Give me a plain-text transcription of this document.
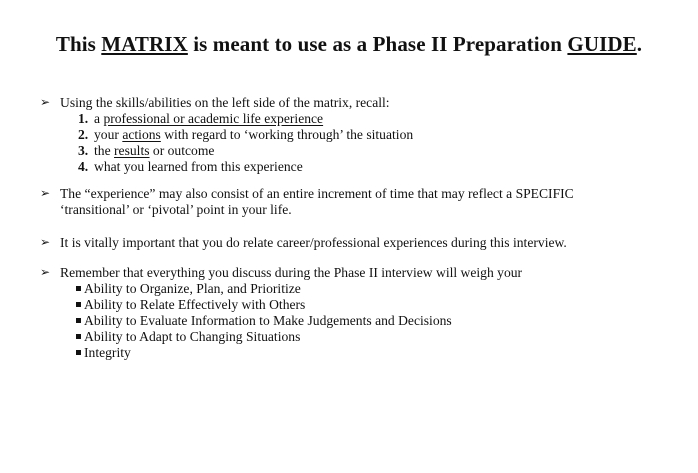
This MATRIX is meant to use as a Phase II Preparation GUIDE.
➢ Using the skills/abilities on the left side of the matrix, recall:
1. a professional or academic life experience
2. your actions with regard to ‘working through’ the situation
3. the results or outcome
4. what you learned from this experience
➢ The “experience” may also consist of an entire increment of time that may reflect a SPECIFIC
‘transitional’ or ‘pivotal’ point in your life.
➢ It is vitally important that you do relate career/professional experiences during this interview.
➢ Remember that everything you discuss during the Phase II interview will weigh your
Ability to Organize, Plan, and Prioritize
Ability to Relate Effectively with Others
Ability to Evaluate Information to Make Judgements and Decisions
Ability to Adapt to Changing Situations
Integrity
